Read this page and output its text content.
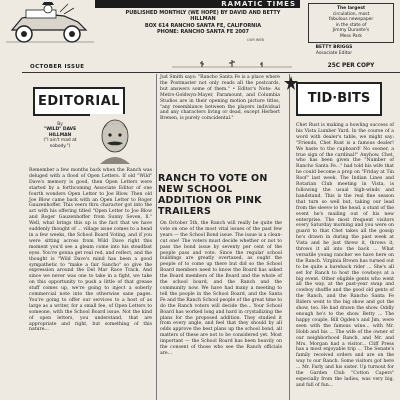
RAMATIC TIMES
PUBLISHED MONTHLY (WE HOPE) BY DAVID AND BETTY HILLMAN
BOX 614 RANCHO SANTA FE, CALIFORNIA
PHONE: RANCHO SANTA FE 2007
OUR WEB
The largest
circulation, most
fabulous newspaper
in the state of
Jimmy Durante's
Mess Park
BETTY BRIGGS
Associate Editor
OCTOBER ISSUE	25C PER COPY
EDITORIAL
By
"WILD" DAVE HILLMAN
("I ain't mad at nobody.")
Remember a few months back when the Ranch was deluged with a flood of Open Letters. If old "Wild" Dave's memory is good, then Open Letters were started by a forthcoming Associate Editor of one fourth wonders Open Letter to Joe Blow. Then old Joe Blow came back with an Open Letter to Roger Gauzenhoffer. This veers thru character got into the act with his offering titled "Open Letter to Joe Blow and Roger Gauzenhoffer from Sunny Seven, ll." Well, what brings this up is the fact that we have suddenly thought of ... village issue comes to a head in a few weeks, the School Board Voting, and if you were sitting across from Wild Dave right this moment you'd see a gleam come into his steadfast eyes. You're gonna get real red, and reflect, and the thought is "Wild Dave's mind has been a good sympathetic to "make a fair Sancho" so give the expression around the Del Mar Race Track. And since we never was one to take in a fight, we take on this opportunity to push a little of that grease stuff comes up, we're going to inject a soberly commercial note into the otherwise sane pages. You're going to offer our services to a host of as large as a writer, for a small fee, of Open Letters to someone, with the School Board issue. Not the kind of open letters, you understand, that are appropriate and right, but something of this nature...
Jud Smith says: "Rancho Santa Fe is a place where the Postmaster not only reads all the postcards, but answers some of them." • Editor's Note: As Metro-Goldwyn-Mayer, Paramount, and Columbia Studios are in their opening motion picture titles, "any resemblance between the players individual and any characters living or dead, except Herbert Brenen, is purely coincidental."
RANCH TO VOTE ON NEW SCHOOL ADDITION OR PINK TRAILERS
On October 5th, the Ranch will really be quite the vote on one of the most vital issues of the past few years — the School Bond issue. The issue is a clean-cut one! The voters must decide whether or not to pass the bond issue by seventy per cent of the people pass and vote. Since the regular school buildings are greatly overtaxed, as ought the people of to come up there but did so the School Board members need to know the Board has asked the Board members of the Board and the whole of the school board, and the Ranch and the community now. We have had many a meeting to tell the people in the School Board, and the Santa Fe and the Ranch School people of the great time to do the Ranch voters will decide the... Your School Board has worked long and hard in crystallizing the plans for the proposed addition. They studied it from every angle, and feel that they should by all odds approve the best plans up the school bond, all matters of these are not to be considered yet. Most important — the School Board has been heavily on the consent of those who see the Ranch officials are...
TID·BITS
Chet Rust is making a howling success of his Vista Lumber Yard. In the course of a word with dealer's table, we might say: "Friends, Chet Rust is a famous dealer! We haste to the cupboard! No sooner, a true sign of the cardinal!" Anyhow, Chet, who has been given the "Number of Rancho Santa Fe..." had told his wife that he could become a prop on "Friday at Tin Roof" last week. The Indian Lines and Rotarian Club meeting in Vista, is following the usual high-winds and bandstand. This is the real fine season that turn so well but, taking our lead from the sleeve to the head, a stunt of the event he's mailing out of his new enterprise. The most frequent visitors every Saturday morning and you were on guard to that Chet takes all the gossip he's drawn in during the past week at Vista and he just threw it, throws it, throws it all into the back ... What versatile young rancher we have here on the Ranch. Virginia Brown has turned out to be quite a bareback rider ... She's all set for Ranch to host the cowboys at a big event. Other eligible gents who went all the way, at the past-year swap and cowboy shuffle and the good old gents of the Ranch, and the Rancho Santa Fe Riders went to the big show and got the show, too. He had drawn the show. Oddly enough he's to the show. Betty ... The happy couple, Bill Ogden's and Jim, were seen with the famous wine... with Mr. Hobb and his ... The wife of the owner of our neighborhood Ranch, and Mr. and Mrs. Morgan had a visitor... Cliff Press has a most enjoyable trip ... The Senate's family received orders and are on the way to our Ranch. Some visitors got here ... Mr. Farly and his sister. Up turnout for the Garden Club "Cotton Capers" especially from the ladies, was very big, and full of fun...
